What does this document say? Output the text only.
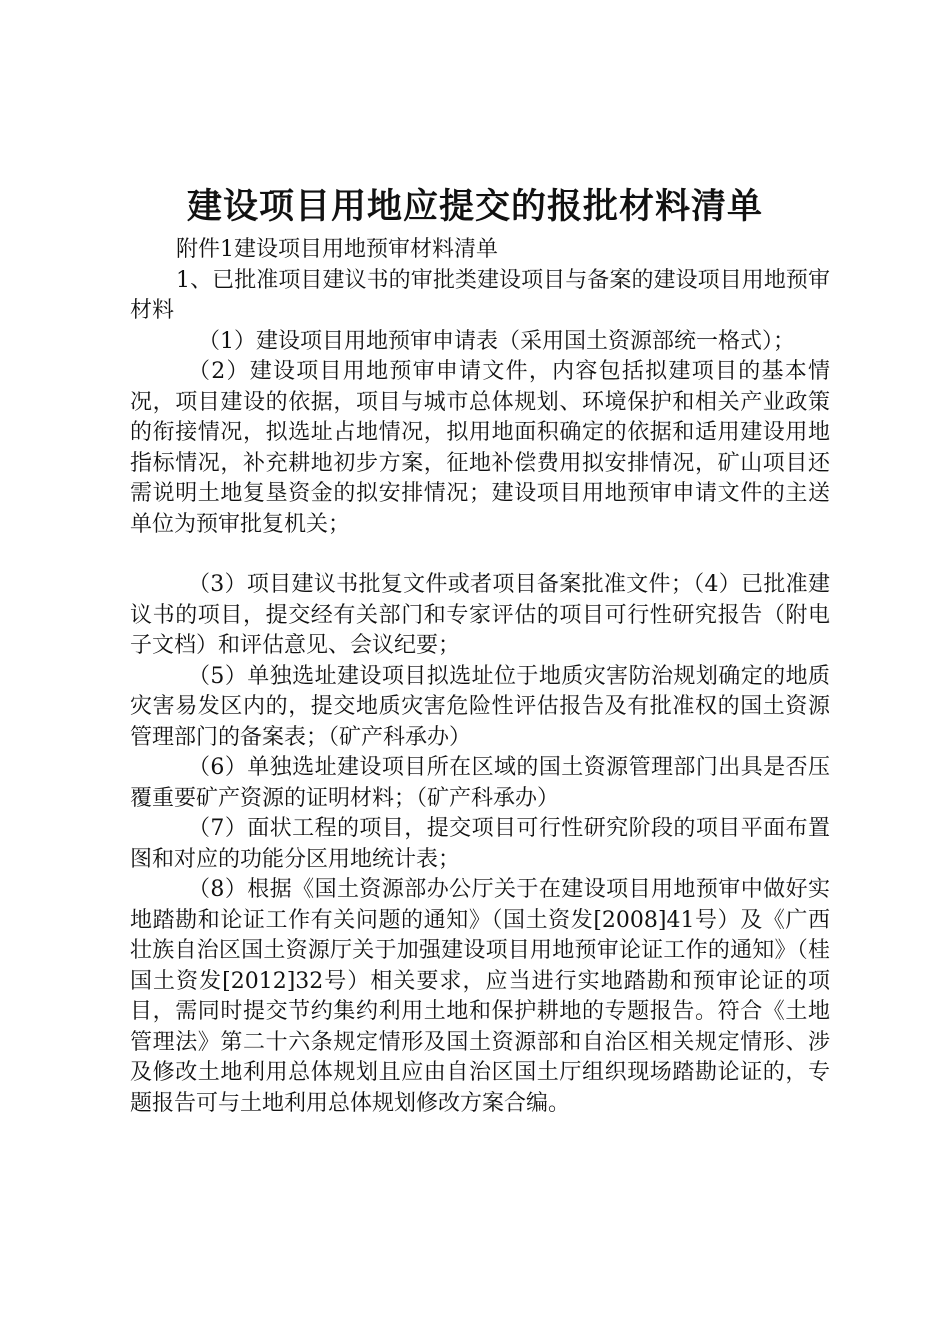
建设项目用地应提交的报批材料清单

附件1建设项目用地预审材料清单

1、已批准项目建议书的审批类建设项目与备案的建设项目用地预审材料

（1）建设项目用地预审申请表（采用国土资源部统一格式）；

（2）建设项目用地预审申请文件，内容包括拟建项目的基本情况，项目建设的依据，项目与城市总体规划、环境保护和相关产业政策的衔接情况，拟选址占地情况，拟用地面积确定的依据和适用建设用地指标情况，补充耕地初步方案，征地补偿费用拟安排情况，矿山项目还需说明土地复垦资金的拟安排情况；建设项目用地预审申请文件的主送单位为预审批复机关；

（3）项目建议书批复文件或者项目备案批准文件；（4）已批准建议书的项目，提交经有关部门和专家评估的项目可行性研究报告（附电子文档）和评估意见、会议纪要；

（5）单独选址建设项目拟选址位于地质灾害防治规划确定的地质灾害易发区内的，提交地质灾害危险性评估报告及有批准权的国土资源管理部门的备案表；（矿产科承办）

（6）单独选址建设项目所在区域的国土资源管理部门出具是否压覆重要矿产资源的证明材料；（矿产科承办）

（7）面状工程的项目，提交项目可行性研究阶段的项目平面布置图和对应的功能分区用地统计表；

（8）根据《国土资源部办公厅关于在建设项目用地预审中做好实地踏勘和论证工作有关问题的通知》（国土资发[2008]41号）及《广西壮族自治区国土资源厅关于加强建设项目用地预审论证工作的通知》（桂国土资发[2012]32号）相关要求，应当进行实地踏勘和预审论证的项目，需同时提交节约集约利用土地和保护耕地的专题报告。符合《土地管理法》第二十六条规定情形及国土资源部和自治区相关规定情形、涉及修改土地利用总体规划且应由自治区国土厅组织现场踏勘论证的，专题报告可与土地利用总体规划修改方案合编。
